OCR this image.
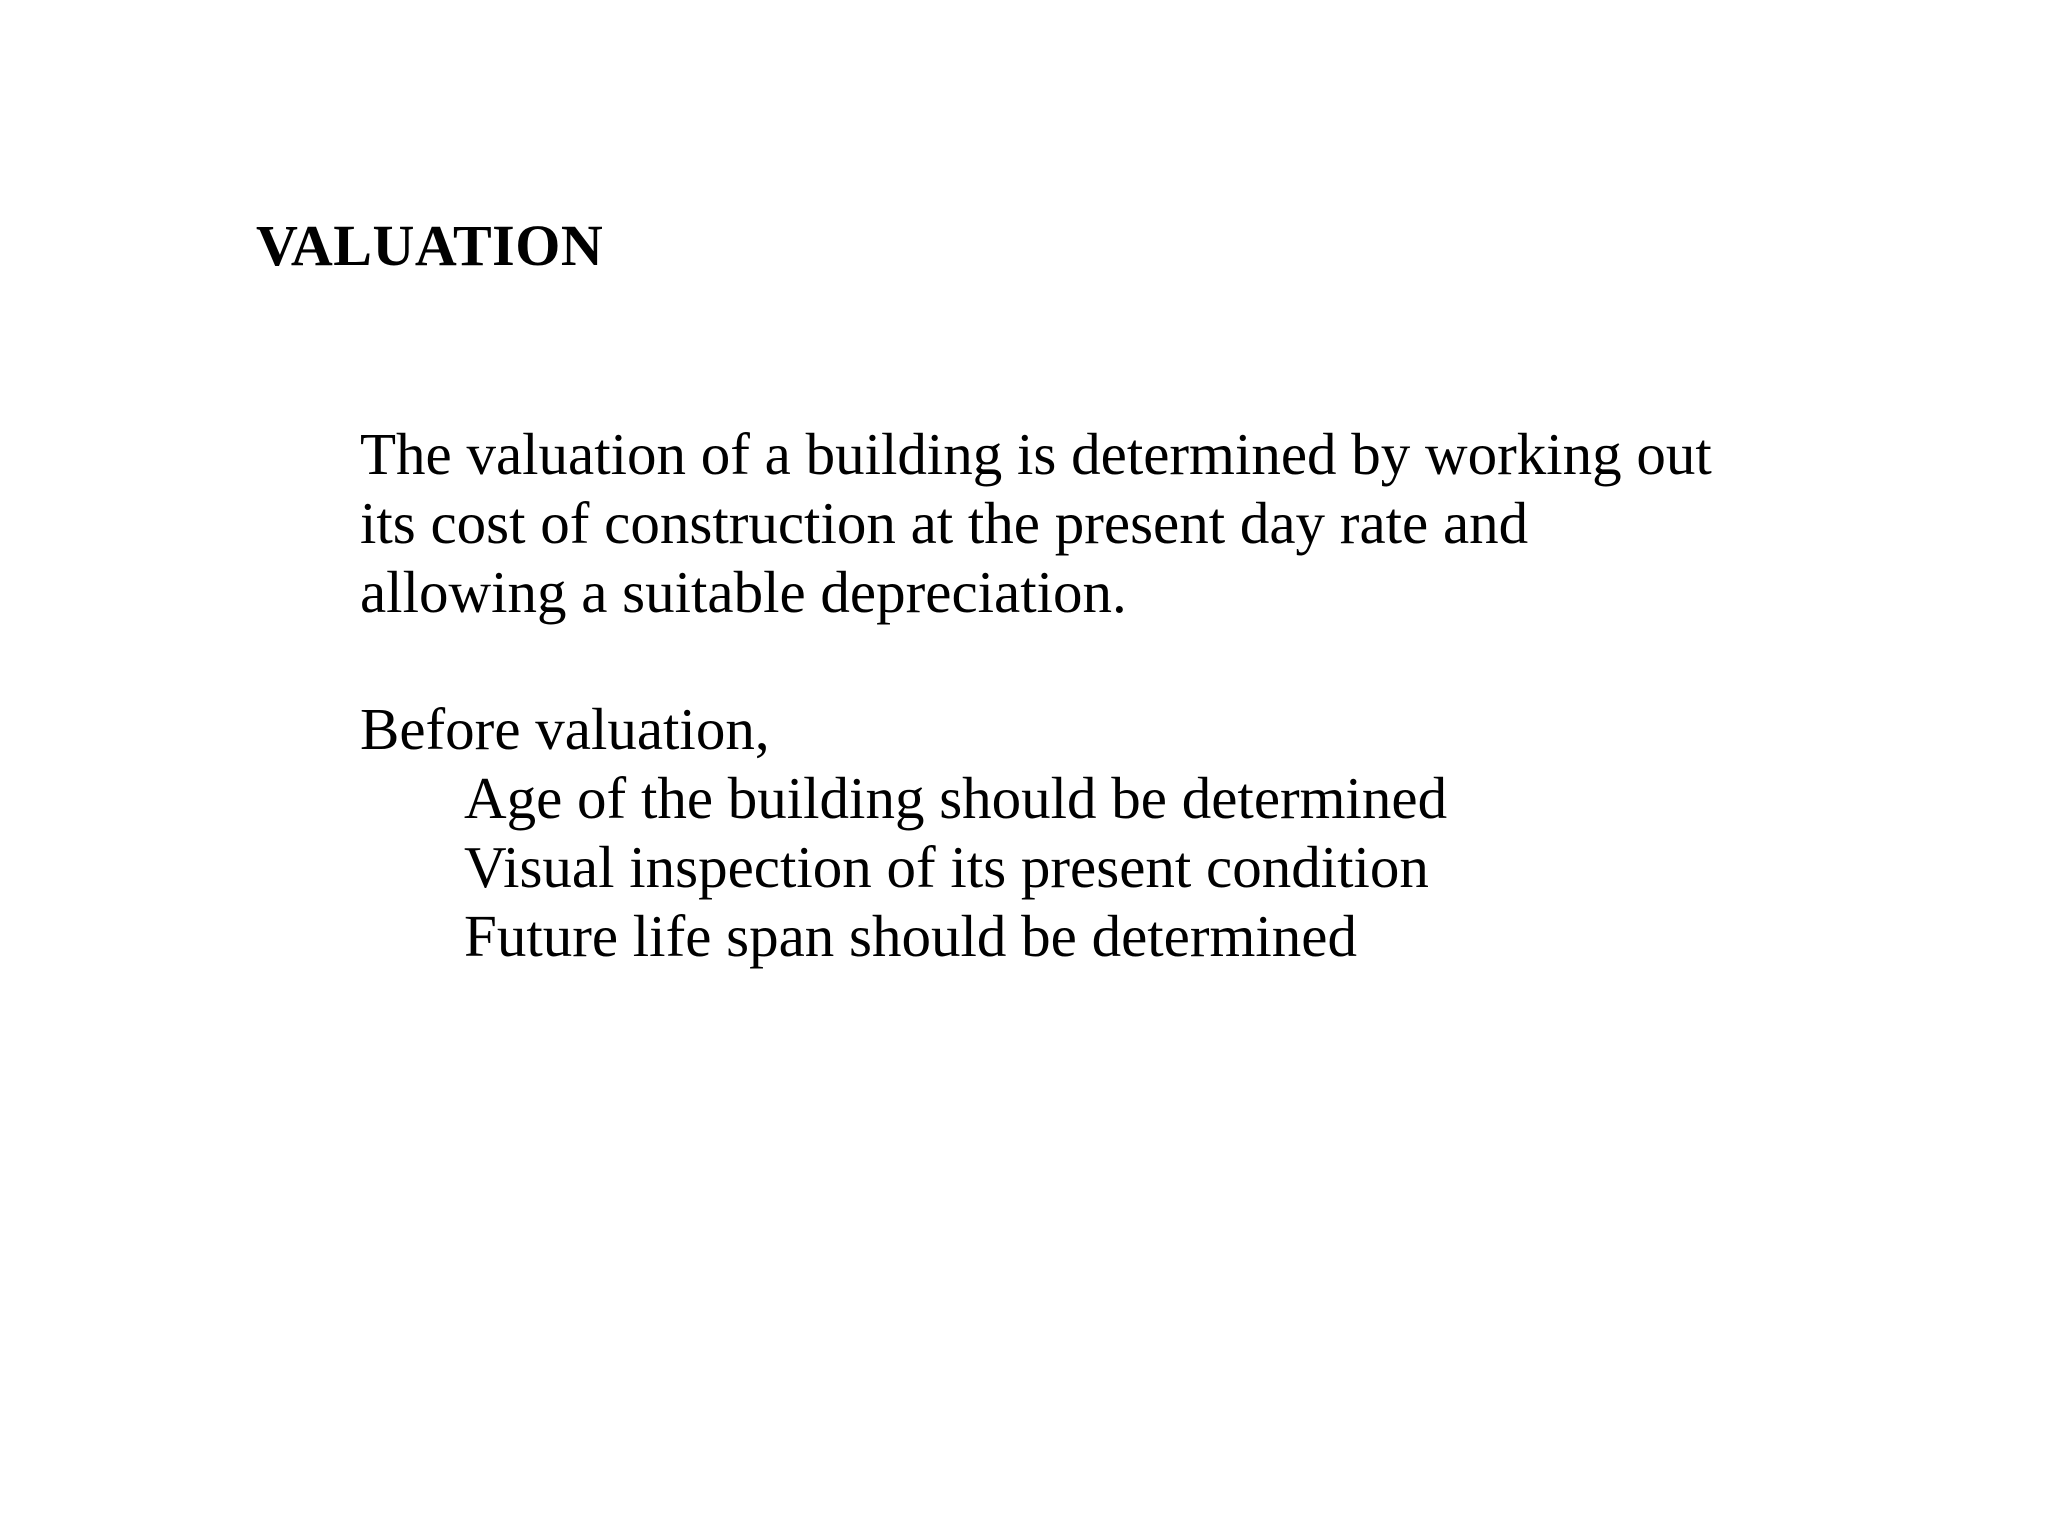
VALUATION
The valuation of a building is determined by working out
its cost of construction at the present day rate and
allowing a suitable depreciation.
Before valuation,
Age of the building should be determined
Visual inspection of its present condition
Future life span should be determined
